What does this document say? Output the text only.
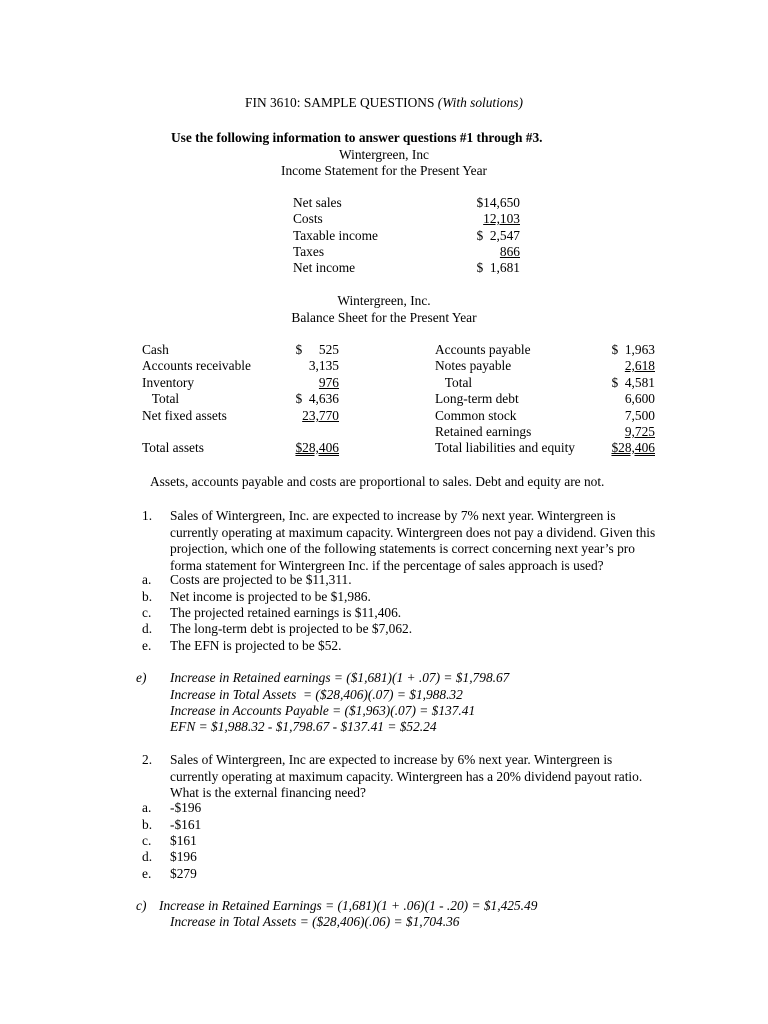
FIN 3610: SAMPLE QUESTIONS (With solutions)
Use the following information to answer questions #1 through #3.
Wintergreen, Inc
Income Statement for the Present Year
Net sales	$14,650
Costs	12,103
Taxable income	$  2,547
Taxes	866
Net income	$  1,681
Wintergreen, Inc.
Balance Sheet for the Present Year
Cash	$     525
Accounts receivable	3,135
Inventory	976
Total	$  4,636
Net fixed assets	23,770
Total assets	$28,406
Accounts payable	$  1,963
Notes payable	2,618
Total	$  4,581
Long-term debt	6,600
Common stock	7,500
Retained earnings	9,725
Total liabilities and equity	$28,406
Assets, accounts payable and costs are proportional to sales. Debt and equity are not.
1. Sales of Wintergreen, Inc. are expected to increase by 7% next year. Wintergreen is currently operating at maximum capacity. Wintergreen does not pay a dividend. Given this projection, which one of the following statements is correct concerning next year’s pro forma statement for Wintergreen Inc. if the percentage of sales approach is used?
a. Costs are projected to be $11,311.
b. Net income is projected to be $1,986.
c. The projected retained earnings is $11,406.
d. The long-term debt is projected to be $7,062.
e. The EFN is projected to be $52.
e) Increase in Retained earnings = ($1,681)(1 + .07) = $1,798.67
Increase in Total Assets  = ($28,406)(.07) = $1,988.32
Increase in Accounts Payable = ($1,963)(.07) = $137.41
EFN = $1,988.32 - $1,798.67 - $137.41 = $52.24
2. Sales of Wintergreen, Inc are expected to increase by 6% next year. Wintergreen is currently operating at maximum capacity. Wintergreen has a 20% dividend payout ratio. What is the external financing need?
a. -$196
b. -$161
c. $161
d. $196
e. $279
c) Increase in Retained Earnings = (1,681)(1 + .06)(1 - .20) = $1,425.49
Increase in Total Assets = ($28,406)(.06) = $1,704.36
